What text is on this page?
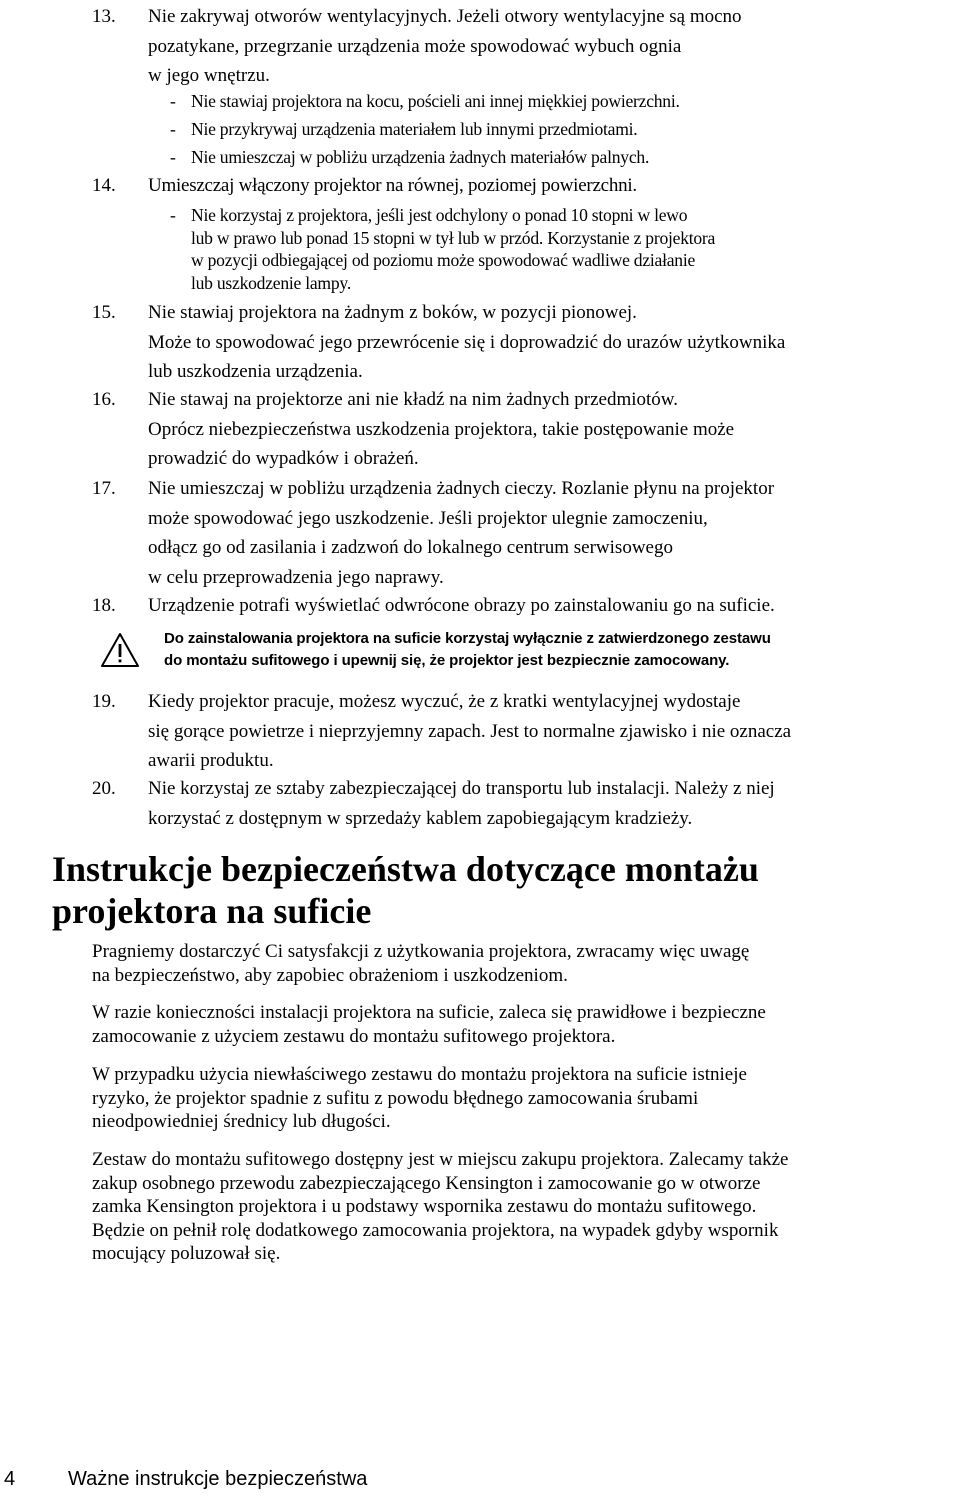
13. Nie zakrywaj otworów wentylacyjnych. Jeżeli otwory wentylacyjne są mocno
pozatykane, przegrzanie urządzenia może spowodować wybuch ognia
w jego wnętrzu.
- Nie stawiaj projektora na kocu, pościeli ani innej miękkiej powierzchni.
- Nie przykrywaj urządzenia materiałem lub innymi przedmiotami.
- Nie umieszczaj w pobliżu urządzenia żadnych materiałów palnych.
14. Umieszczaj włączony projektor na równej, poziomej powierzchni.
- Nie korzystaj z projektora, jeśli jest odchylony o ponad 10 stopni w lewo
lub w prawo lub ponad 15 stopni w tył lub w przód. Korzystanie z projektora
w pozycji odbiegającej od poziomu może spowodować wadliwe działanie
lub uszkodzenie lampy.
15. Nie stawiaj projektora na żadnym z boków, w pozycji pionowej.
Może to spowodować jego przewrócenie się i doprowadzić do urazów użytkownika
lub uszkodzenia urządzenia.
16. Nie stawaj na projektorze ani nie kładź na nim żadnych przedmiotów.
Oprócz niebezpieczeństwa uszkodzenia projektora, takie postępowanie może
prowadzić do wypadków i obrażeń.
17. Nie umieszczaj w pobliżu urządzenia żadnych cieczy. Rozlanie płynu na projektor
może spowodować jego uszkodzenie. Jeśli projektor ulegnie zamoczeniu,
odłącz go od zasilania i zadzwoń do lokalnego centrum serwisowego
w celu przeprowadzenia jego naprawy.
18. Urządzenie potrafi wyświetlać odwrócone obrazy po zainstalowaniu go na suficie.
Do zainstalowania projektora na suficie korzystaj wyłącznie z zatwierdzonego zestawu
do montażu sufitowego i upewnij się, że projektor jest bezpiecznie zamocowany.
19. Kiedy projektor pracuje, możesz wyczuć, że z kratki wentylacyjnej wydostaje
się gorące powietrze i nieprzyjemny zapach. Jest to normalne zjawisko i nie oznacza
awarii produktu.
20. Nie korzystaj ze sztaby zabezpieczającej do transportu lub instalacji. Należy z niej
korzystać z dostępnym w sprzedaży kablem zapobiegającym kradzieży.
Instrukcje bezpieczeństwa dotyczące montażu
projektora na suficie
Pragniemy dostarczyć Ci satysfakcji z użytkowania projektora, zwracamy więc uwagę
na bezpieczeństwo, aby zapobiec obrażeniom i uszkodzeniom.
W razie konieczności instalacji projektora na suficie, zaleca się prawidłowe i bezpieczne
zamocowanie z użyciem zestawu do montażu sufitowego projektora.
W przypadku użycia niewłaściwego zestawu do montażu projektora na suficie istnieje
ryzyko, że projektor spadnie z sufitu z powodu błędnego zamocowania śrubami
nieodpowiedniej średnicy lub długości.
Zestaw do montażu sufitowego dostępny jest w miejscu zakupu projektora. Zalecamy także
zakup osobnego przewodu zabezpieczającego Kensington i zamocowanie go w otworze
zamka Kensington projektora i u podstawy wspornika zestawu do montażu sufitowego.
Będzie on pełnił rolę dodatkowego zamocowania projektora, na wypadek gdyby wspornik
mocujący poluzował się.
4	Ważne instrukcje bezpieczeństwa
